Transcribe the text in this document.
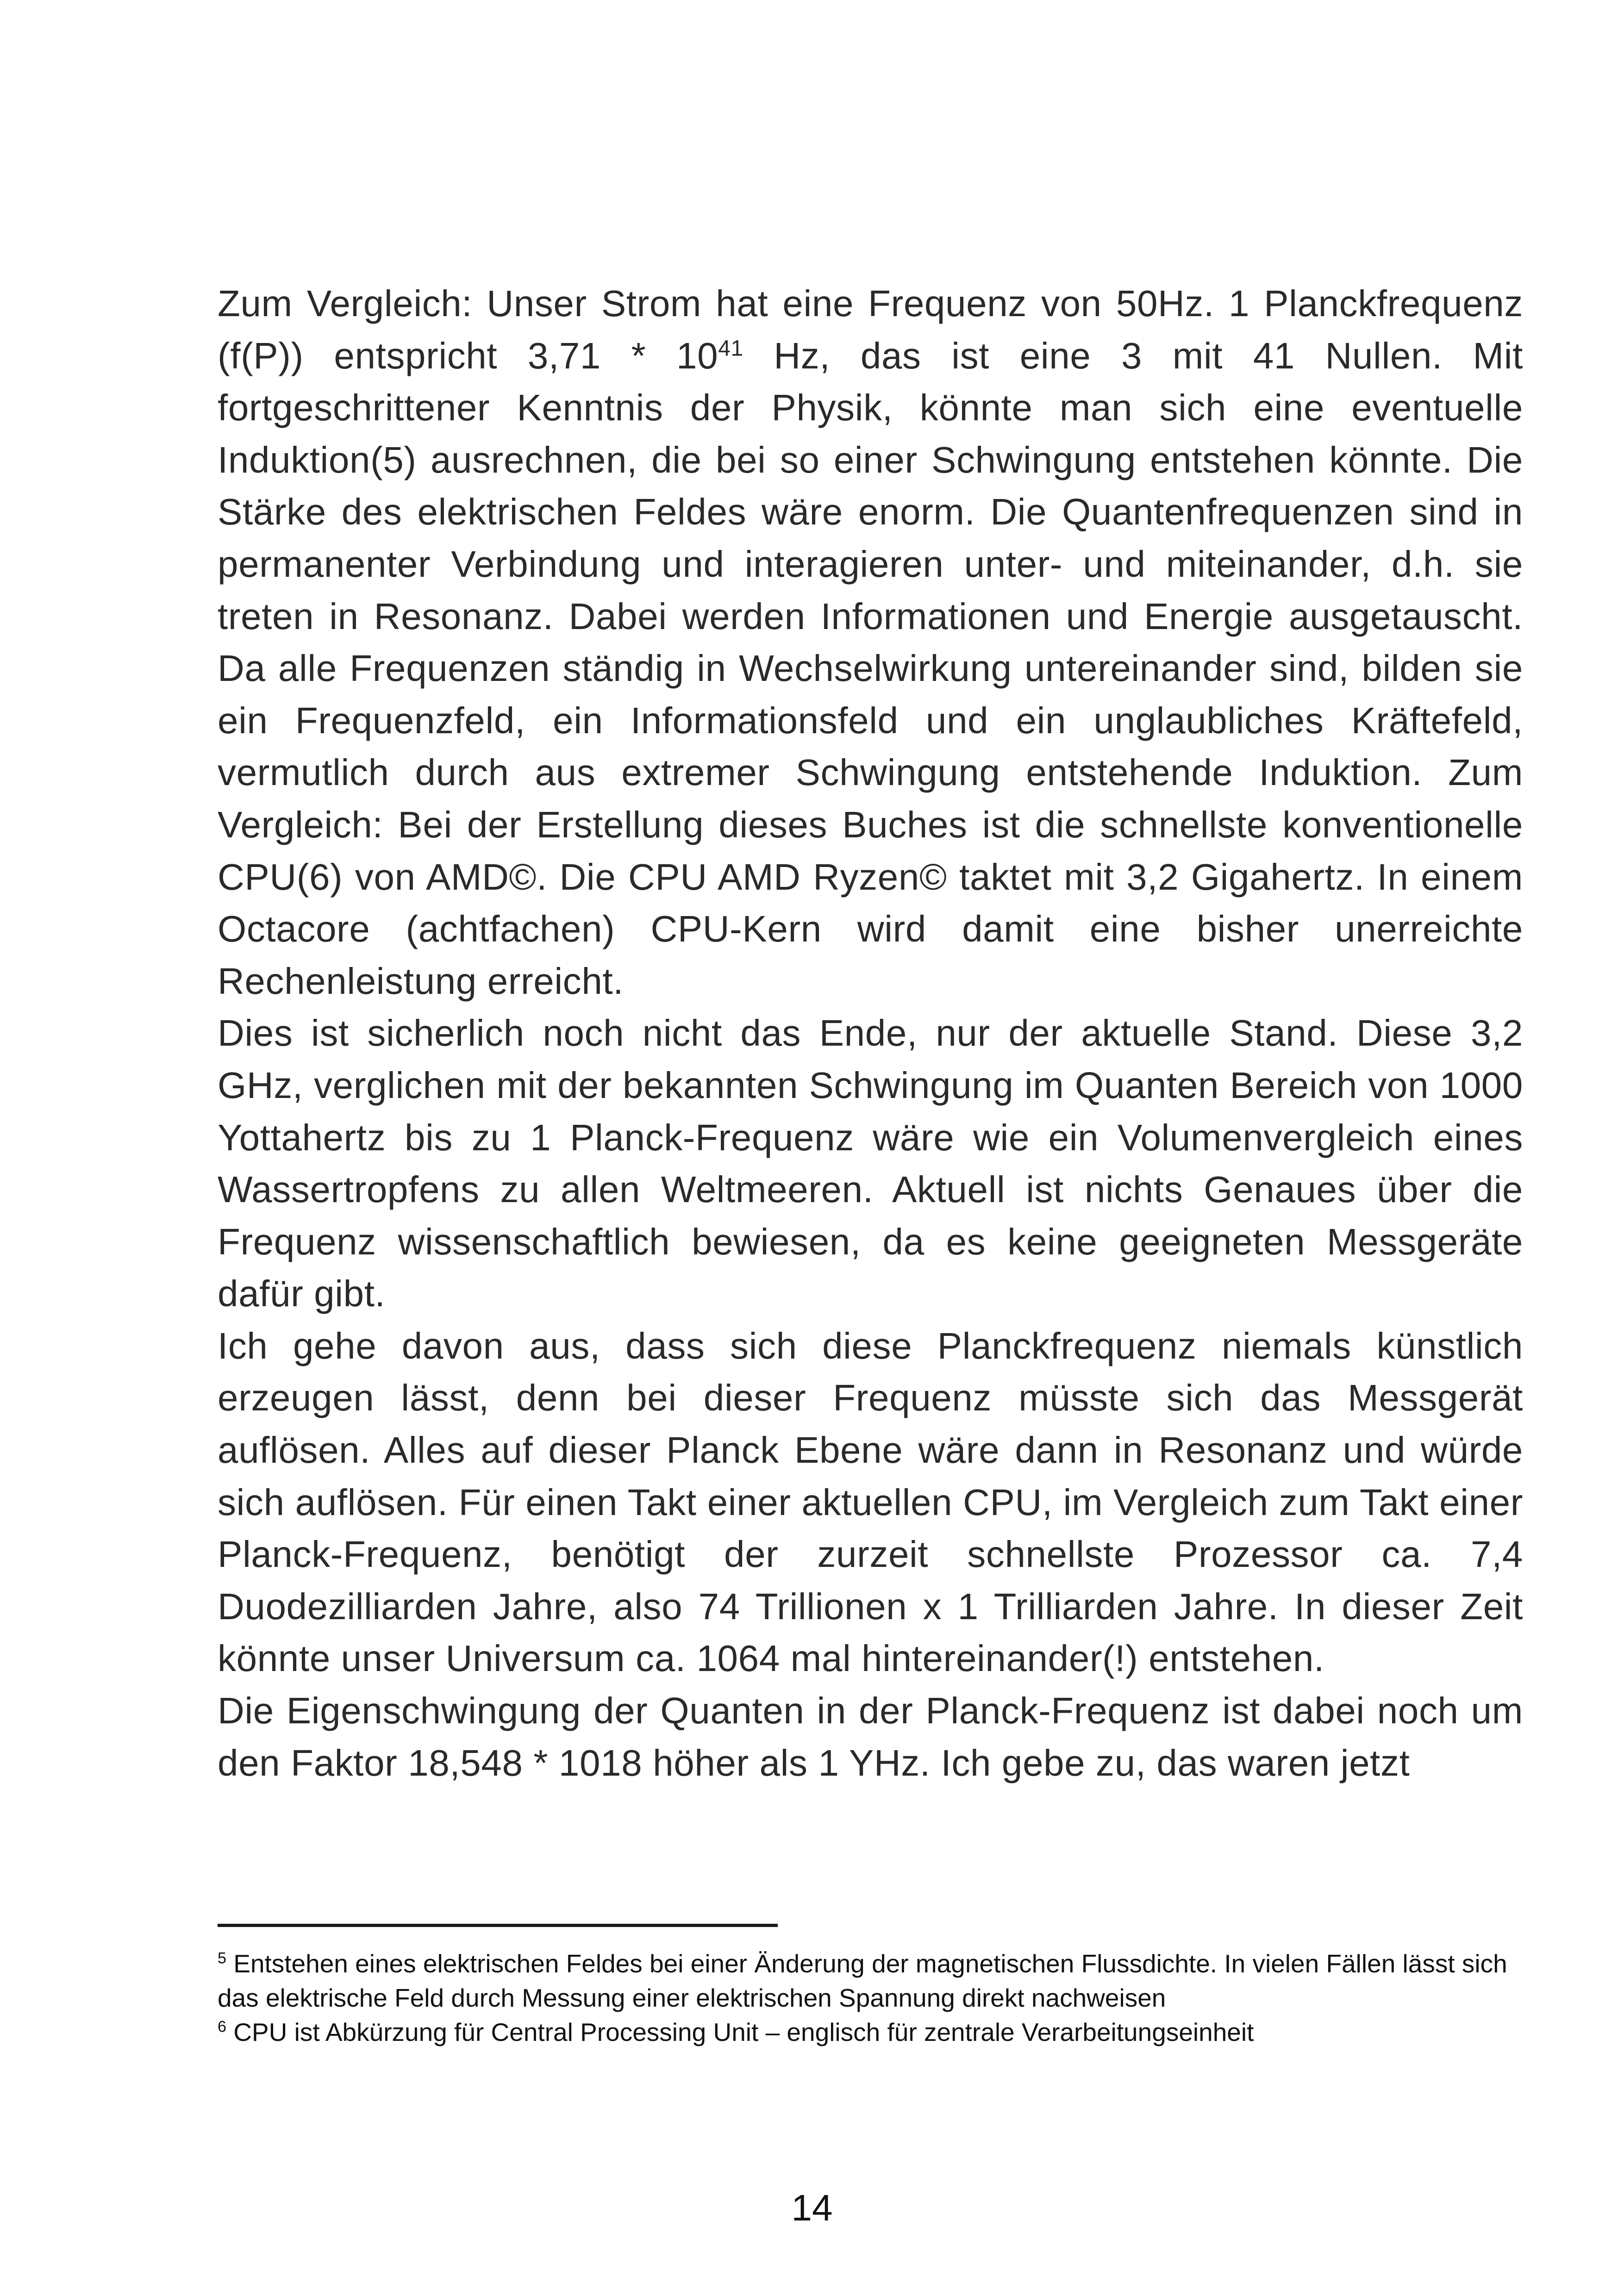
Zum Vergleich: Unser Strom hat eine Frequenz von 50Hz. 1 Planckfrequenz (f(P)) entspricht $3,71 * 10^{41}$ Hz, das ist eine 3 mit 41 Nullen. Mit fortgeschrittener Kenntnis der Physik, könnte man sich eine eventuelle Induktion(5) ausrechnen, die bei so einer Schwingung entstehen könnte. Die Stärke des elektrischen Feldes wäre enorm. Die Quantenfrequenzen sind in permanenter Verbindung und interagieren unter- und miteinander, d.h. sie treten in Resonanz. Dabei werden Informationen und Energie ausgetauscht. Da alle Frequenzen ständig in Wechselwirkung untereinander sind, bilden sie ein Frequenzfeld, ein Informationsfeld und ein unglaubliches Kräftefeld, vermutlich durch aus extremer Schwingung entstehende Induktion. Zum Vergleich: Bei der Erstellung dieses Buches ist die schnellste konventionelle CPU(6) von AMD©. Die CPU AMD Ryzen© taktet mit 3,2 Gigahertz. In einem Octacore (achtfachen) CPU-Kern wird damit eine bisher unerreichte Rechenleistung erreicht.

Dies ist sicherlich noch nicht das Ende, nur der aktuelle Stand. Diese 3,2 GHz, verglichen mit der bekannten Schwingung im Quanten Bereich von 1000 Yottahertz bis zu 1 Planck-Frequenz wäre wie ein Volumenvergleich eines Wassertropfens zu allen Weltmeeren. Aktuell ist nichts Genaues über die Frequenz wissenschaftlich bewiesen, da es keine geeigneten Messgeräte dafür gibt.

Ich gehe davon aus, dass sich diese Planckfrequenz niemals künstlich erzeugen lässt, denn bei dieser Frequenz müsste sich das Messgerät auflösen. Alles auf dieser Planck Ebene wäre dann in Resonanz und würde sich auflösen. Für einen Takt einer aktuellen CPU, im Vergleich zum Takt einer Planck-Frequenz, benötigt der zurzeit schnellste Prozessor ca. 7,4 Duodezilliarden Jahre, also 74 Trillionen x 1 Trilliarden Jahre. In dieser Zeit könnte unser Universum ca. 1064 mal hintereinander(!) entstehen.

Die Eigenschwingung der Quanten in der Planck-Frequenz ist dabei noch um den Faktor 18,548 * 1018 höher als 1 YHz. Ich gebe zu, das waren jetzt

$^5$ Entstehen eines elektrischen Feldes bei einer Änderung der magnetischen Flussdichte. In vielen Fällen lässt sich das elektrische Feld durch Messung einer elektrischen Spannung direkt nachweisen

$^6$ CPU ist Abkürzung für Central Processing Unit – englisch für zentrale Verarbeitungseinheit

14
